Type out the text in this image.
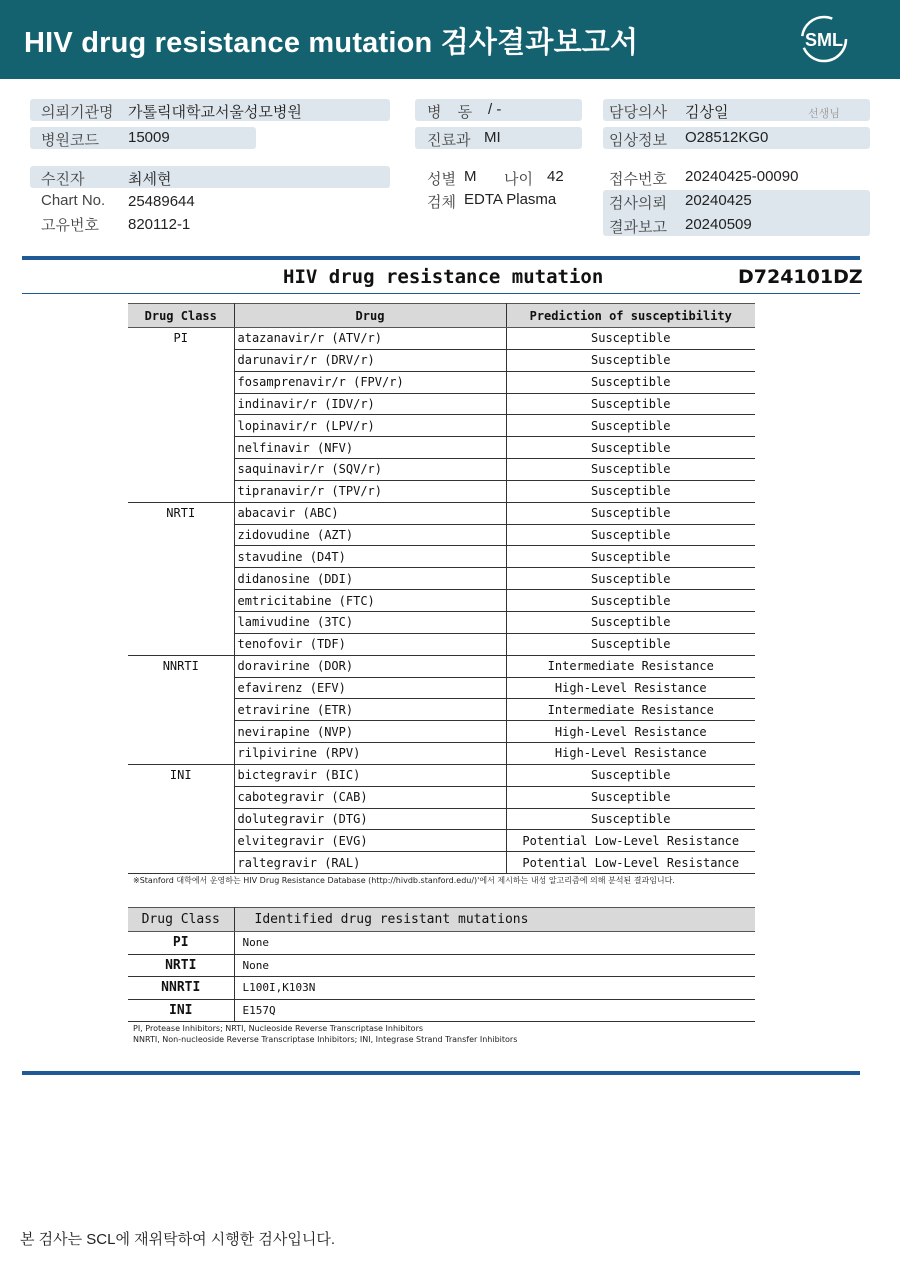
HIV drug resistance mutation 검사결과보고서	SML
의뢰기관명 가톨릭대학교서울성모병원
병원코드 15009
병 동 / -
진료과 MI
담당의사 김상일	선생님
임상정보 O28512KG0
수진자	최세현
Chart No. 25489644
고유번호 820112-1
성별 M 나이 42
검체 EDTA Plasma
접수번호 20240425-00090
검사의뢰 20240425
결과보고 20240509
HIV drug resistance mutation	D724101DZ
Drug Class	Drug	Prediction of susceptibility
PI	atazanavir/r (ATV/r)	Susceptible
	darunavir/r (DRV/r)	Susceptible
	fosamprenavir/r (FPV/r)	Susceptible
	indinavir/r (IDV/r)	Susceptible
	lopinavir/r (LPV/r)	Susceptible
	nelfinavir (NFV)	Susceptible
	saquinavir/r (SQV/r)	Susceptible
	tipranavir/r (TPV/r)	Susceptible
NRTI	abacavir (ABC)	Susceptible
	zidovudine (AZT)	Susceptible
	stavudine (D4T)	Susceptible
	didanosine (DDI)	Susceptible
	emtricitabine (FTC)	Susceptible
	lamivudine (3TC)	Susceptible
	tenofovir (TDF)	Susceptible
NNRTI	doravirine (DOR)	Intermediate Resistance
	efavirenz (EFV)	High-Level Resistance
	etravirine (ETR)	Intermediate Resistance
	nevirapine (NVP)	High-Level Resistance
	rilpivirine (RPV)	High-Level Resistance
INI	bictegravir (BIC)	Susceptible
	cabotegravir (CAB)	Susceptible
	dolutegravir (DTG)	Susceptible
	elvitegravir (EVG)	Potential Low-Level Resistance
	raltegravir (RAL)	Potential Low-Level Resistance
※Stanford 대학에서 운영하는 HIV Drug Resistance Database (http://hivdb.stanford.edu/)'에서 제시하는 내성 알고리즘에 의해 분석된 결과임니다.
Drug Class	Identified drug resistant mutations
PI	None
NRTI	None
NNRTI	L100I,K103N
INI	E157Q
PI, Protease Inhibitors; NRTI, Nucleoside Reverse Transcriptase Inhibitors
NNRTI, Non-nucleoside Reverse Transcriptase Inhibitors; INI, Integrase Strand Transfer Inhibitors
본 검사는 SCL에 재위탁하여 시행한 검사입니다.
